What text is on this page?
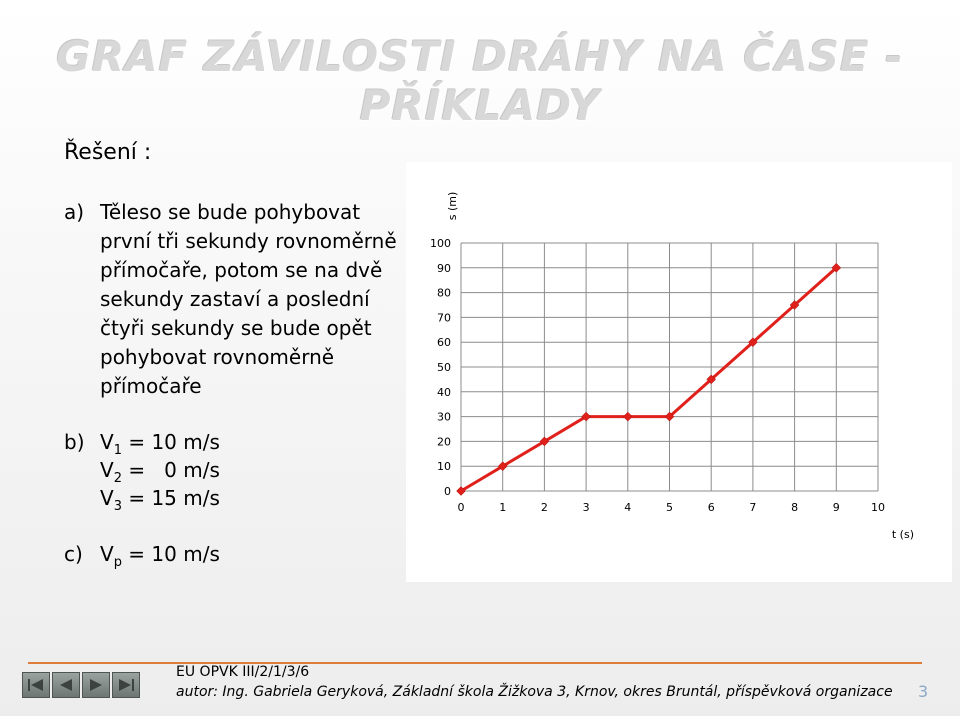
GRAF ZÁVILOSTI DRÁHY NA ČASE - PŘÍKLADY
Řešení :
a) Těleso se bude pohybovat
první tři sekundy rovnoměrně
přímočaře, potom se na dvě
sekundy zastaví a poslední
čtyři sekundy se bude opět
pohybovat rovnoměrně
přímočaře
b) $V_1 = 10$ m/s
$V_2 = 0$ m/s
$V_3 = 15$ m/s
c) $V_p = 10$ m/s
0
10
20
30
40
50
60
70
80
90
100
0	1	2	3	4	5	6	7	8	9	10
s (m)
t (s)
EU OPVK III/2/1/3/6
autor: Ing. Gabriela Geryková, Základní škola Žižkova 3, Krnov, okres Bruntál, příspěvková organizace 3
